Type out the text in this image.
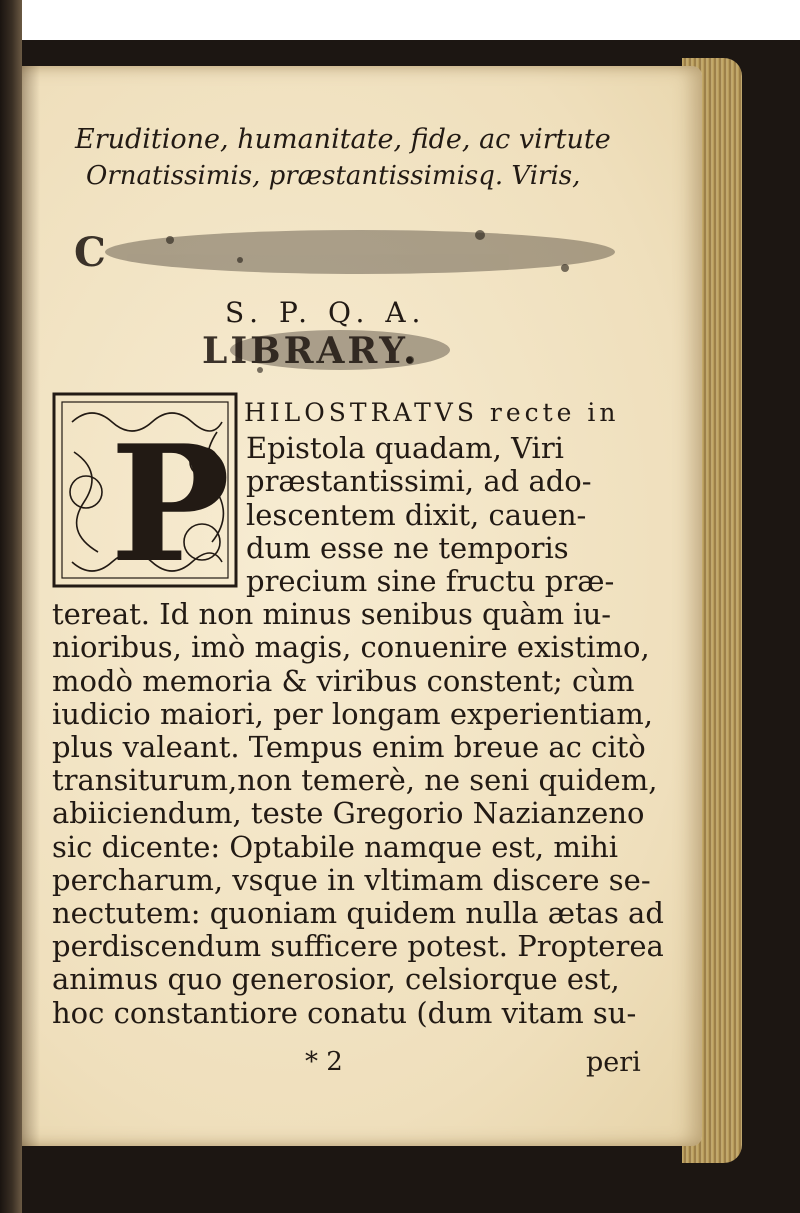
Eruditione, humanitate, fide, ac virtute
Ornatissimis, præstantissimisq. Viris,
C
S. P. Q. A.
LIBRARY.
P HILOSTRATVS recte in
Epistola quadam, Viri
præstantissimi, ad ado-
lescentem dixit, cauen-
dum esse ne temporis
precium sine fructu præ-
tereat. Id non minus senibus quàm iu-
nioribus, imò magis, conuenire existimo,
modò memoria & viribus constent; cùm
iudicio maiori, per longam experientiam,
plus valeant. Tempus enim breue ac citò
transiturum,non temerè, ne seni quidem,
abiiciendum, teste Gregorio Nazianzeno
sic dicente: Optabile namque est, mihi
percharum, vsque in vltimam discere se-
nectutem: quoniam quidem nulla ætas ad
perdiscendum sufficere potest. Propterea
animus quo generosior, celsiorque est,
* 2	peri
hoc constantiore conatu (dum vitam su-
